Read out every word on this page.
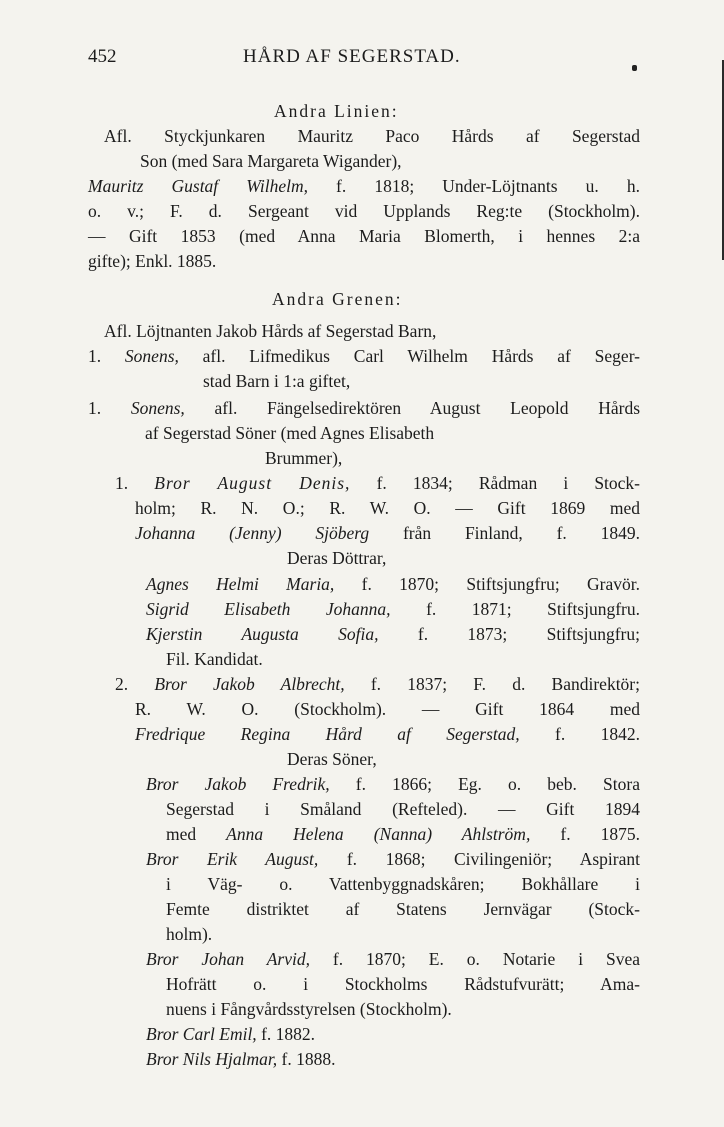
452	HÅRD AF SEGERSTAD.
Andra Linien:
Afl. Styckjunkaren Mauritz Paco Hårds af Segerstad
Son (med Sara Margareta Wigander),
Mauritz Gustaf Wilhelm, f. 1818; Under-Löjtnants u. h.
o. v.; F. d. Sergeant vid Upplands Reg:te (Stockholm).
— Gift 1853 (med Anna Maria Blomerth, i hennes 2:a
gifte); Enkl. 1885.
Andra Grenen:
Afl. Löjtnanten Jakob Hårds af Segerstad Barn,
1. Sonens, afl. Lifmedikus Carl Wilhelm Hårds af Seger-
stad Barn i 1:a giftet,
1. Sonens, afl. Fängelsedirektören August Leopold Hårds
af Segerstad Söner (med Agnes Elisabeth
Brummer),
1. Bror August Denis, f. 1834; Rådman i Stock-
holm; R. N. O.; R. W. O. — Gift 1869 med
Johanna (Jenny) Sjöberg från Finland, f. 1849.
Deras Döttrar,
Agnes Helmi Maria, f. 1870; Stiftsjungfru; Gravör.
Sigrid Elisabeth Johanna, f. 1871; Stiftsjungfru.
Kjerstin Augusta Sofia, f. 1873; Stiftsjungfru;
Fil. Kandidat.
2. Bror Jakob Albrecht, f. 1837; F. d. Bandirektör;
R. W. O. (Stockholm). — Gift 1864 med
Fredrique Regina Hård af Segerstad, f. 1842.
Deras Söner,
Bror Jakob Fredrik, f. 1866; Eg. o. beb. Stora
Segerstad i Småland (Refteled). — Gift 1894
med Anna Helena (Nanna) Ahlström, f. 1875.
Bror Erik August, f. 1868; Civilingeniör; Aspirant
i Väg- o. Vattenbyggnadskåren; Bokhållare i
Femte distriktet af Statens Jernvägar (Stock-
holm).
Bror Johan Arvid, f. 1870; E. o. Notarie i Svea
Hofrätt o. i Stockholms Rådstufvurätt; Ama-
nuens i Fångvårdsstyrelsen (Stockholm).
Bror Carl Emil, f. 1882.
Bror Nils Hjalmar, f. 1888.
